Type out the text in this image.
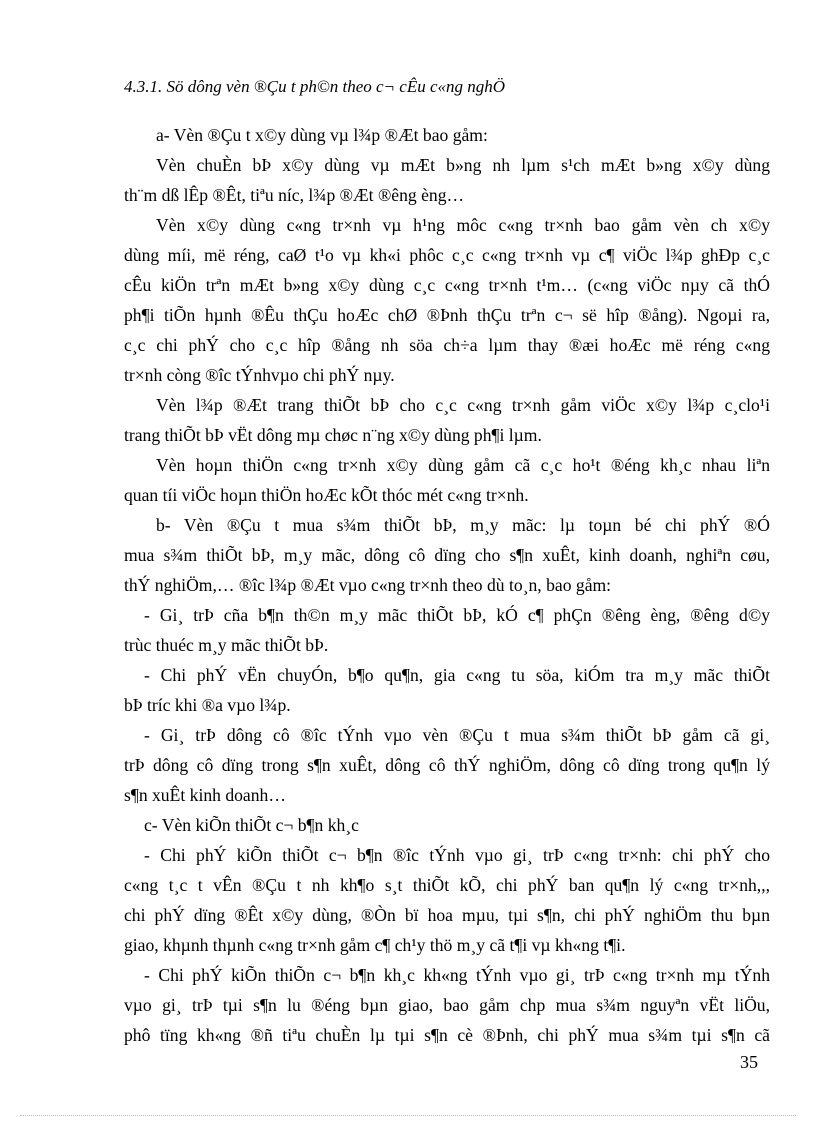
4.3.1. Sö dông vèn ®Çu t ph©n theo c¬ cÊu c«ng nghÖ
a- Vèn ®Çu t x©y dùng vµ l¾p ®Æt bao gåm:
Vèn chuÈn bÞ x©y dùng vµ mÆt b»ng nh lµm s¹ch mÆt b»ng x©y dùng
th¨m dß lÊp ®Êt, tiªu níc, l¾p ®Æt ®êng èng…
Vèn x©y dùng c«ng tr×nh vµ h¹ng môc c«ng tr×nh bao gåm vèn ch x©y
dùng míi, më réng, caØ t¹o vµ kh«i phôc c¸c c«ng tr×nh vµ c¶ viÖc l¾p ghÐp c¸c
cÊu kiÖn trªn mÆt b»ng x©y dùng c¸c c«ng tr×nh t¹m… (c«ng viÖc nµy cã thÓ
ph¶i tiÕn hµnh ®Êu thÇu hoÆc chØ ®Þnh thÇu trªn c¬ së hîp ®ång). Ngoµi ra,
c¸c chi phÝ cho c¸c hîp ®ång nh söa ch÷a lµm thay ®æi hoÆc më réng c«ng
tr×nh còng ®îc tÝnhvµo chi phÝ nµy.
Vèn l¾p ®Æt trang thiÕt bÞ cho c¸c c«ng tr×nh gåm viÖc x©y l¾p c¸clo¹i
trang thiÕt bÞ vËt dông mµ chøc n¨ng x©y dùng ph¶i lµm.
Vèn hoµn thiÖn c«ng tr×nh x©y dùng gåm cã c¸c ho¹t ®éng kh¸c nhau liªn
quan tíi viÖc hoµn thiÖn hoÆc kÕt thóc mét c«ng tr×nh.
b- Vèn ®Çu t mua s¾m thiÕt bÞ, m¸y mãc: lµ toµn bé chi phÝ ®Ó
mua s¾m thiÕt bÞ, m¸y mãc, dông cô dïng cho s¶n xuÊt, kinh doanh, nghiªn cøu,
thÝ nghiÖm,… ®îc l¾p ®Æt vµo c«ng tr×nh theo dù to¸n, bao gåm:
- Gi¸ trÞ cña b¶n th©n m¸y mãc thiÕt bÞ, kÓ c¶ phÇn ®êng èng, ®êng d©y
trùc thuéc m¸y mãc thiÕt bÞ.
- Chi phÝ vËn chuyÓn, b¶o qu¶n, gia c«ng tu söa, kiÓm tra m¸y mãc thiÕt
bÞ tríc khi ®a vµo l¾p.
- Gi¸ trÞ dông cô ®îc tÝnh vµo vèn ®Çu t mua s¾m thiÕt bÞ gåm cã gi¸
trÞ dông cô dïng trong s¶n xuÊt, dông cô thÝ nghiÖm, dông cô dïng trong qu¶n lý
s¶n xuÊt kinh doanh…
c- Vèn kiÕn thiÕt c¬ b¶n kh¸c
- Chi phÝ kiÕn thiÕt c¬ b¶n ®îc tÝnh vµo gi¸ trÞ c«ng tr×nh: chi phÝ cho
c«ng t¸c t vÊn ®Çu t nh kh¶o s¸t thiÕt kÕ, chi phÝ ban qu¶n lý c«ng tr×nh,,,
chi phÝ dïng ®Êt x©y dùng, ®Òn bï hoa mµu, tµi s¶n, chi phÝ nghiÖm thu bµn
giao, khµnh thµnh c«ng tr×nh gåm c¶ ch¹y thö m¸y cã t¶i vµ kh«ng t¶i.
- Chi phÝ kiÕn thiÕn c¬ b¶n kh¸c kh«ng tÝnh vµo gi¸ trÞ c«ng tr×nh mµ tÝnh
vµo gi¸ trÞ tµi s¶n lu ®éng bµn giao, bao gåm chp mua s¾m nguyªn vËt liÖu,
phô tïng kh«ng ®ñ tiªu chuÈn lµ tµi s¶n cè ®Þnh, chi phÝ mua s¾m tµi s¶n cã
35
